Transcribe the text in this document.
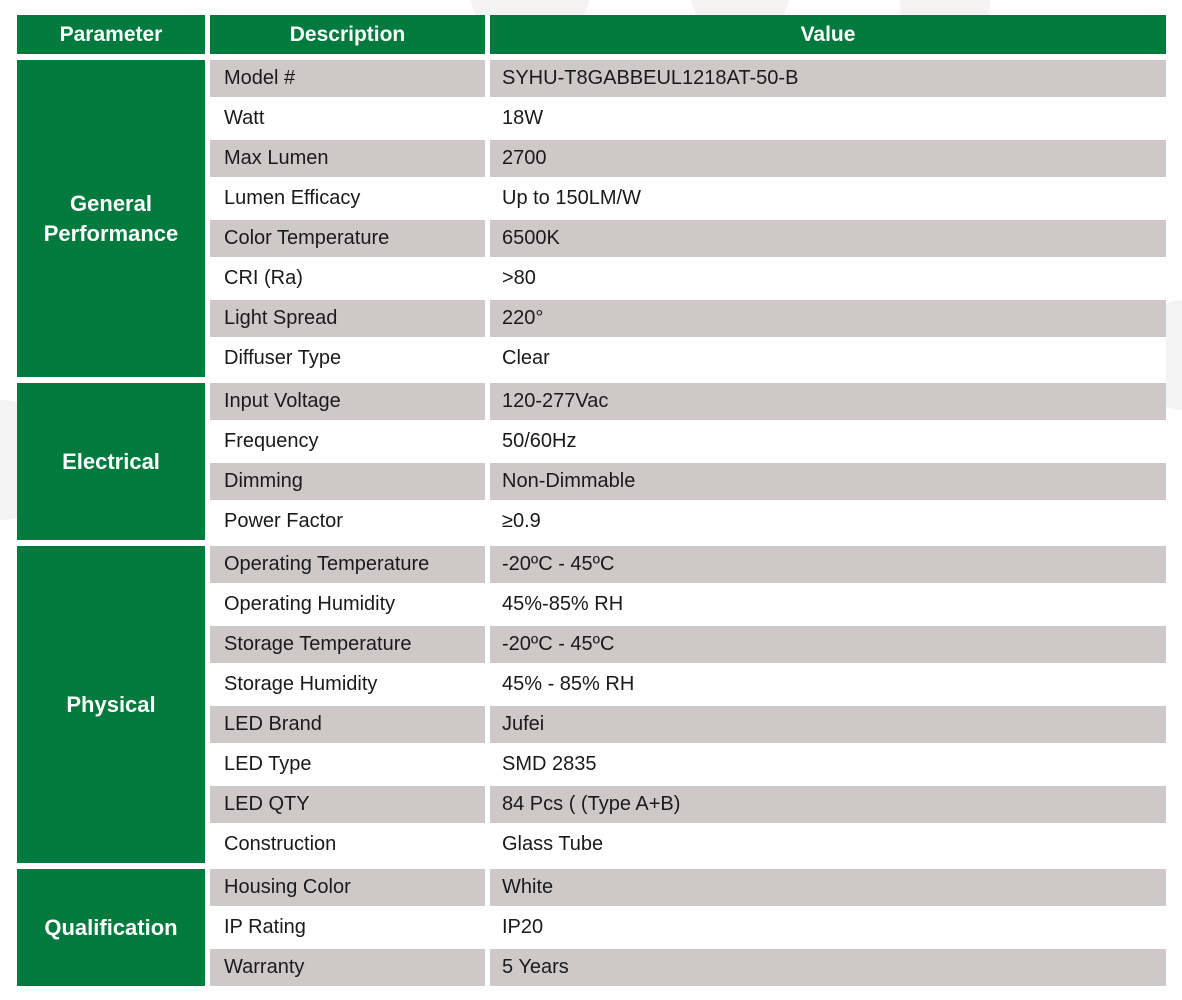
Parameter	Description	Value
General Performance	Model #	SYHU-T8GABBEUL1218AT-50-B
	Watt	18W
	Max Lumen	2700
	Lumen Efficacy	Up to 150LM/W
	Color Temperature	6500K
	CRI (Ra)	>80
	Light Spread	220°
	Diffuser Type	Clear
Electrical	Input Voltage	120-277Vac
	Frequency	50/60Hz
	Dimming	Non-Dimmable
	Power Factor	≥0.9
Physical	Operating Temperature	-20ºC - 45ºC
	Operating Humidity	45%-85% RH
	Storage Temperature	-20ºC - 45ºC
	Storage Humidity	45% - 85% RH
	LED Brand	Jufei
	LED Type	SMD 2835
	LED QTY	84 Pcs ( (Type A+B)
	Construction	Glass Tube
Qualification	Housing Color	White
	IP Rating	IP20
	Warranty	5 Years
